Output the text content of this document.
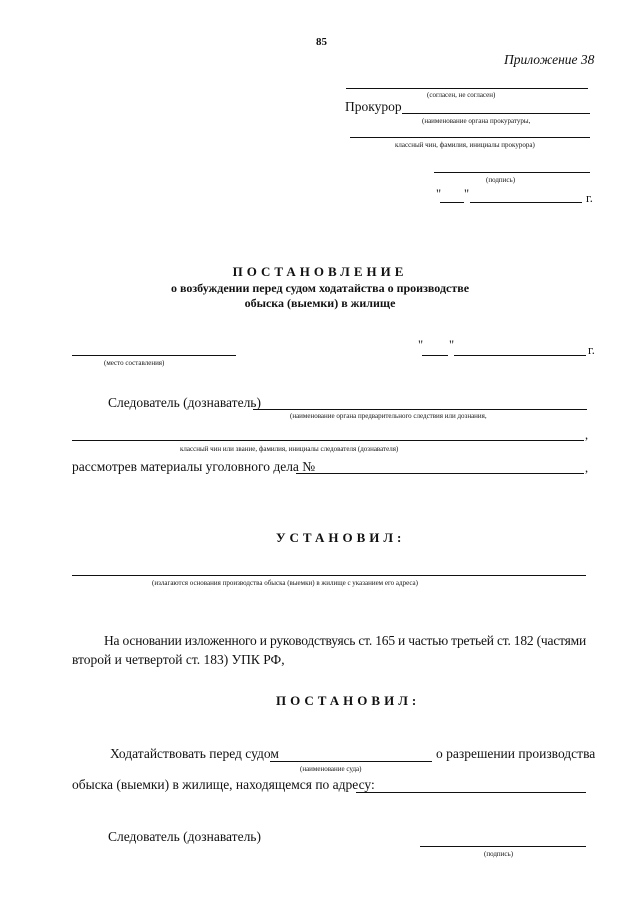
85
Приложение 38
(согласен, не согласен)
Прокурор
(наименование органа прокуратуры,
классный чин, фамилия, инициалы прокурора)
(подпись)
" "	г.
ПОСТАНОВЛЕНИЕ
о возбуждении перед судом ходатайства о производстве
обыска (выемки) в жилище
(место составления)
" "	г.
Следователь (дознаватель)
(наименование органа предварительного следствия или дознания,
,
классный чин или звание, фамилия, инициалы следователя (дознавателя)
рассмотрев материалы уголовного дела №	,
УСТАНОВИЛ:
(излагаются основания производства обыска (выемки) в жилище с указанием его адреса)
На основании изложенного и руководствуясь ст. 165 и частью третьей ст. 182 (частями
второй и четвертой ст. 183) УПК РФ,
ПОСТАНОВИЛ:
Ходатайствовать перед судом	о разрешении производства
(наименование суда)
обыска (выемки) в жилище, находящемся по адресу:
Следователь (дознаватель)
(подпись)
